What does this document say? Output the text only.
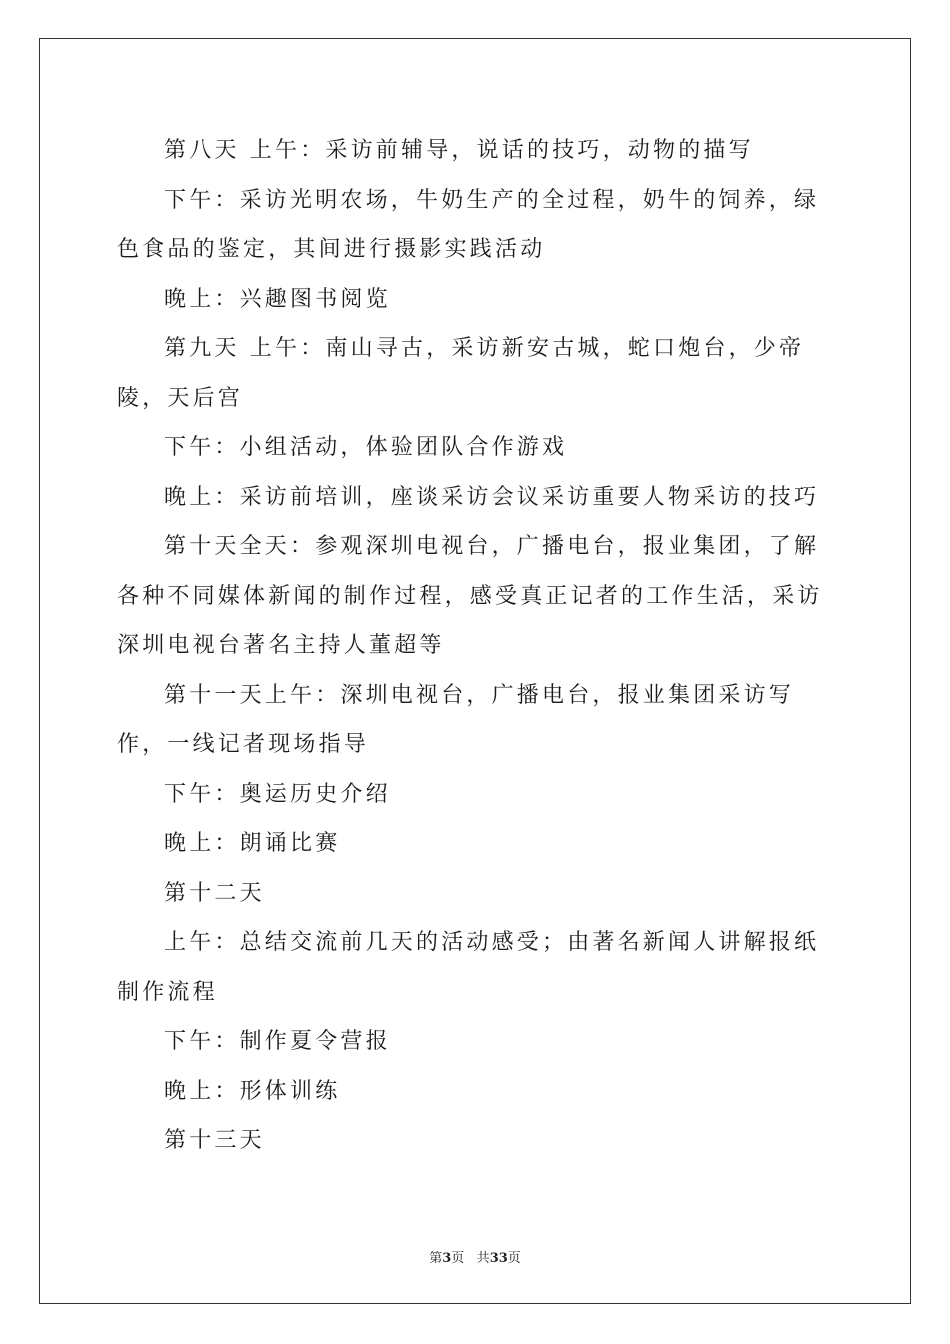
第八天 上午：采访前辅导，说话的技巧，动物的描写

下午：采访光明农场，牛奶生产的全过程，奶牛的饲养，绿色食品的鉴定，其间进行摄影实践活动

晚上：兴趣图书阅览

第九天 上午：南山寻古，采访新安古城，蛇口炮台，少帝陵，天后宫

下午：小组活动，体验团队合作游戏

晚上：采访前培训，座谈采访会议采访重要人物采访的技巧

第十天全天：参观深圳电视台，广播电台，报业集团，了解各种不同媒体新闻的制作过程，感受真正记者的工作生活，采访深圳电视台著名主持人董超等

第十一天上午：深圳电视台，广播电台，报业集团采访写作，一线记者现场指导

下午：奥运历史介绍

晚上：朗诵比赛

第十二天

上午：总结交流前几天的活动感受；由著名新闻人讲解报纸制作流程

下午：制作夏令营报

晚上：形体训练

第十三天

第3页 共33页
